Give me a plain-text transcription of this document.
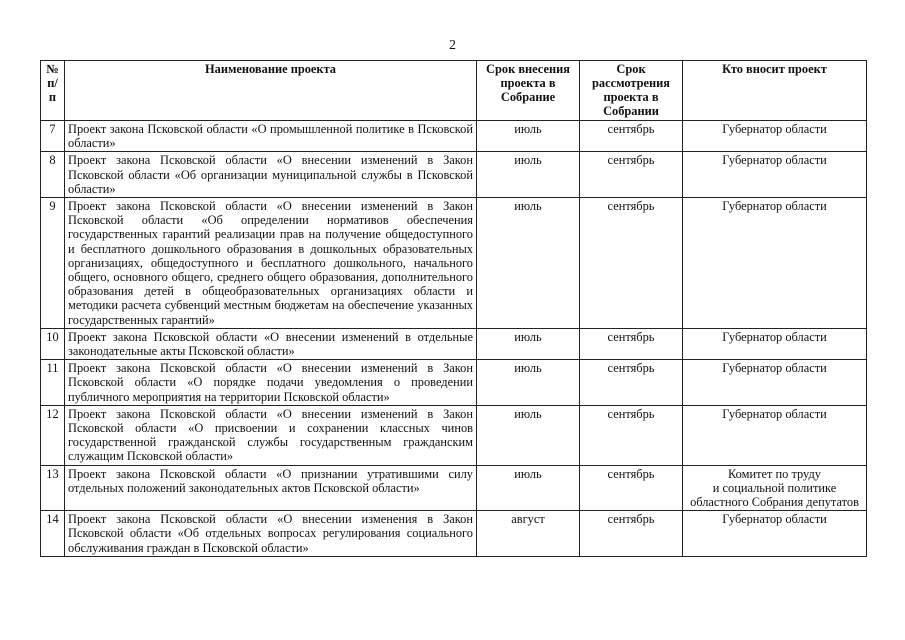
2
№
п/п	Наименование проекта	Срок внесения проекта в Собрание	Срок рассмотрения проекта в Собрании	Кто вносит проект
7	Проект закона Псковской области «О промышленной политике в Псковской области»	июль	сентябрь	Губернатор области

8	Проект закона Псковской области «О внесении изменений в Закон Псковской области «Об организации муниципальной службы в Псковской области»	июль	сентябрь	Губернатор области

9	Проект закона Псковской области «О внесении изменений в Закон Псковской области «Об определении нормативов обеспечения государственных гарантий реализации прав на получение общедоступного и бесплатного дошкольного образования в дошкольных образовательных организациях, общедоступного и бесплатного дошкольного, начального общего, основного общего, среднего общего образования, дополнительного образования детей в общеобразовательных организациях области и методики расчета субвенций местным бюджетам на обеспечение указанных государственных гарантий»	июль	сентябрь	Губернатор области

10	Проект закона Псковской области «О внесении изменений в отдельные законодательные акты Псковской области»	июль	сентябрь	Губернатор области

11	Проект закона Псковской области «О внесении изменений в Закон Псковской области «О порядке подачи уведомления о проведении публичного мероприятия на территории Псковской области»	июль	сентябрь	Губернатор области

12	Проект закона Псковской области «О внесении изменений в Закон Псковской области «О присвоении и сохранении классных чинов государственной гражданской службы государственным гражданским служащим Псковской области»	июль	сентябрь	Губернатор области

13	Проект закона Псковской области «О признании утратившими силу отдельных положений законодательных актов Псковской области»	июль	сентябрь	Комитет по труду
и социальной политике
областного Собрания депутатов

14	Проект закона Псковской области «О внесении изменения в Закон Псковской области «Об отдельных вопросах регулирования социального обслуживания граждан в Псковской области»	август	сентябрь	Губернатор области
